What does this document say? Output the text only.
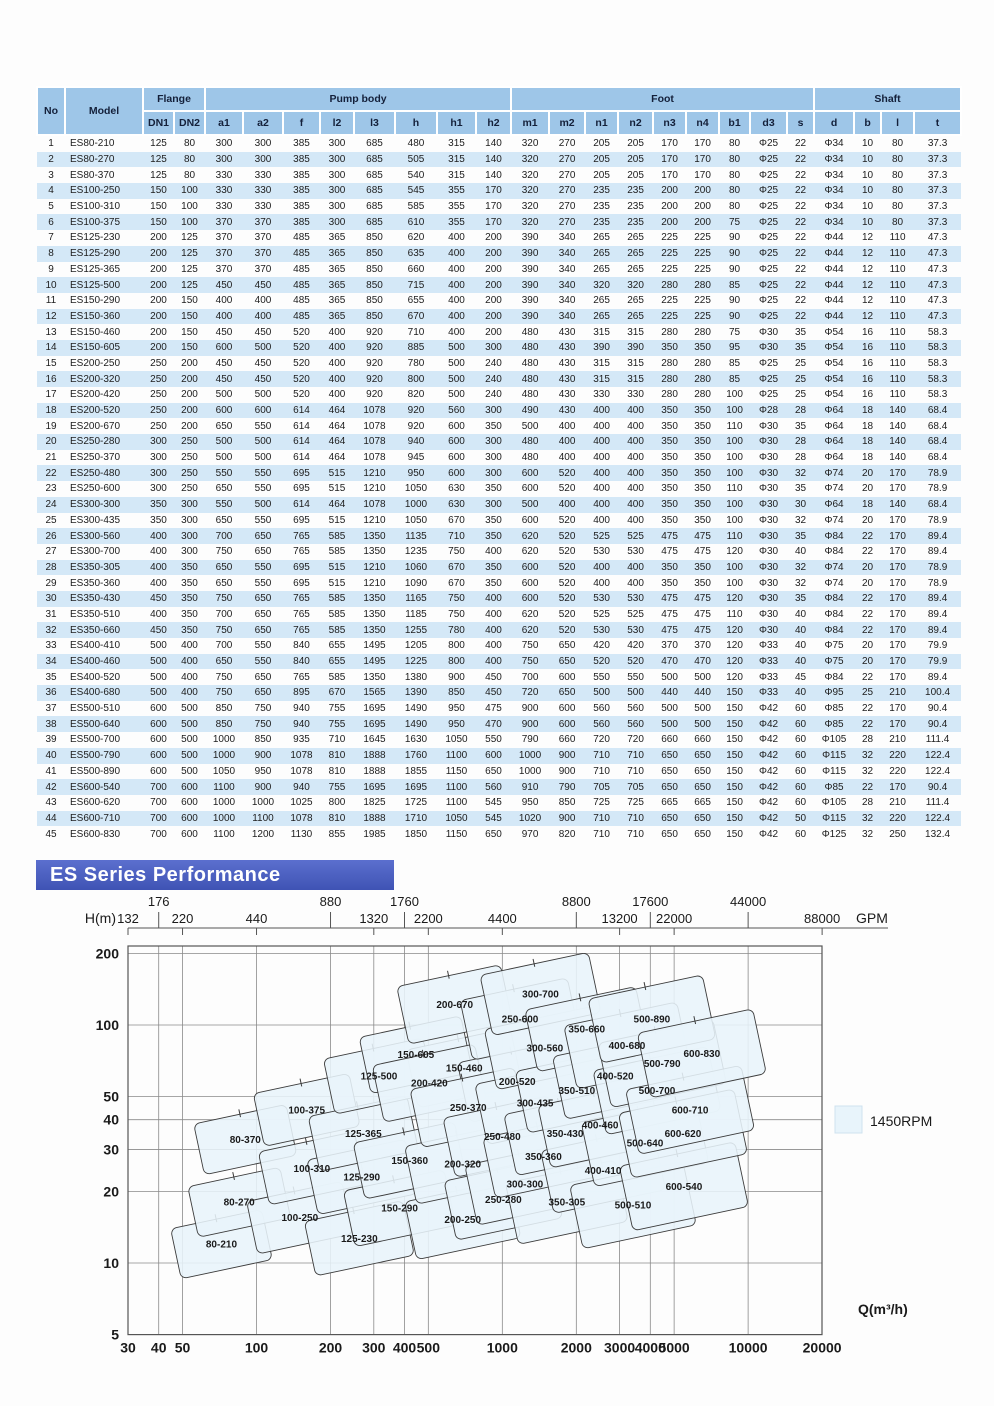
No	Model	Flange		Pump body								Foot									Shaft			
		DN1	DN2	a1	a2	f	l2	l3	h	h1	h2	m1	m2	n1	n2	n3	n4	b1	d3	s	d	b	l	t
1	ES80-210	125	80	300	300	385	300	685	480	315	140	320	270	205	205	170	170	80	Φ25	22	Φ34	10	80	37.3
2	ES80-270	125	80	300	300	385	300	685	505	315	140	320	270	205	205	170	170	80	Φ25	22	Φ34	10	80	37.3
3	ES80-370	125	80	330	330	385	300	685	540	315	140	320	270	205	205	170	170	80	Φ25	22	Φ34	10	80	37.3
4	ES100-250	150	100	330	330	385	300	685	545	355	170	320	270	235	235	200	200	80	Φ25	22	Φ34	10	80	37.3
5	ES100-310	150	100	330	330	385	300	685	585	355	170	320	270	235	235	200	200	80	Φ25	22	Φ34	10	80	37.3
6	ES100-375	150	100	370	370	385	300	685	610	355	170	320	270	235	235	200	200	75	Φ25	22	Φ34	10	80	37.3
7	ES125-230	200	125	370	370	485	365	850	620	400	200	390	340	265	265	225	225	90	Φ25	22	Φ44	12	110	47.3
8	ES125-290	200	125	370	370	485	365	850	635	400	200	390	340	265	265	225	225	90	Φ25	22	Φ44	12	110	47.3
9	ES125-365	200	125	370	370	485	365	850	660	400	200	390	340	265	265	225	225	90	Φ25	22	Φ44	12	110	47.3
10	ES125-500	200	125	450	450	485	365	850	715	400	200	390	340	320	320	280	280	85	Φ25	22	Φ44	12	110	47.3
11	ES150-290	200	150	400	400	485	365	850	655	400	200	390	340	265	265	225	225	90	Φ25	22	Φ44	12	110	47.3
12	ES150-360	200	150	400	400	485	365	850	670	400	200	390	340	265	265	225	225	90	Φ25	22	Φ44	12	110	47.3
13	ES150-460	200	150	450	450	520	400	920	710	400	200	480	430	315	315	280	280	75	Φ30	35	Φ54	16	110	58.3
14	ES150-605	200	150	600	500	520	400	920	885	500	300	480	430	390	390	350	350	95	Φ30	35	Φ54	16	110	58.3
15	ES200-250	250	200	450	450	520	400	920	780	500	240	480	430	315	315	280	280	85	Φ25	25	Φ54	16	110	58.3
16	ES200-320	250	200	450	450	520	400	920	800	500	240	480	430	315	315	280	280	85	Φ25	25	Φ54	16	110	58.3
17	ES200-420	250	200	500	500	520	400	920	820	500	240	480	430	330	330	280	280	100	Φ25	25	Φ54	16	110	58.3
18	ES200-520	250	200	600	600	614	464	1078	920	560	300	490	430	400	400	350	350	100	Φ28	28	Φ64	18	140	68.4
19	ES200-670	250	200	650	550	614	464	1078	920	600	350	500	400	400	400	350	350	110	Φ30	35	Φ64	18	140	68.4
20	ES250-280	300	250	500	500	614	464	1078	940	600	300	480	400	400	400	350	350	100	Φ30	28	Φ64	18	140	68.4
21	ES250-370	300	250	500	500	614	464	1078	945	600	300	480	400	400	400	350	350	100	Φ30	28	Φ64	18	140	68.4
22	ES250-480	300	250	550	550	695	515	1210	950	600	300	600	520	400	400	350	350	100	Φ30	32	Φ74	20	170	78.9
23	ES250-600	300	250	650	550	695	515	1210	1050	630	350	600	520	400	400	350	350	110	Φ30	35	Φ74	20	170	78.9
24	ES300-300	350	300	550	500	614	464	1078	1000	630	300	500	400	400	400	350	350	100	Φ30	30	Φ64	18	140	68.4
25	ES300-435	350	300	650	550	695	515	1210	1050	670	350	600	520	400	400	350	350	100	Φ30	32	Φ74	20	170	78.9
26	ES300-560	400	300	700	650	765	585	1350	1135	710	350	620	520	525	525	475	475	110	Φ30	35	Φ84	22	170	89.4
27	ES300-700	400	300	750	650	765	585	1350	1235	750	400	620	520	530	530	475	475	120	Φ30	40	Φ84	22	170	89.4
28	ES350-305	400	350	650	550	695	515	1210	1060	670	350	600	520	400	400	350	350	100	Φ30	32	Φ74	20	170	78.9
29	ES350-360	400	350	650	550	695	515	1210	1090	670	350	600	520	400	400	350	350	100	Φ30	32	Φ74	20	170	78.9
30	ES350-430	450	350	750	650	765	585	1350	1165	750	400	600	520	530	530	475	475	120	Φ30	35	Φ84	22	170	89.4
31	ES350-510	400	350	700	650	765	585	1350	1185	750	400	620	520	525	525	475	475	110	Φ30	40	Φ84	22	170	89.4
32	ES350-660	450	350	750	650	765	585	1350	1255	780	400	620	520	530	530	475	475	120	Φ30	40	Φ84	22	170	89.4
33	ES400-410	500	400	700	550	840	655	1495	1205	800	400	750	650	420	420	370	370	120	Φ33	40	Φ75	20	170	79.9
34	ES400-460	500	400	650	550	840	655	1495	1225	800	400	750	650	520	520	470	470	120	Φ33	40	Φ75	20	170	79.9
35	ES400-520	500	400	750	650	765	585	1350	1380	900	450	700	600	550	550	500	500	120	Φ33	45	Φ84	22	170	89.4
36	ES400-680	500	400	750	650	895	670	1565	1390	850	450	720	650	500	500	440	440	150	Φ33	40	Φ95	25	210	100.4
37	ES500-510	600	500	850	750	940	755	1695	1490	950	475	900	600	560	560	500	500	150	Φ42	60	Φ85	22	170	90.4
38	ES500-640	600	500	850	750	940	755	1695	1490	950	470	900	600	560	560	500	500	150	Φ42	60	Φ85	22	170	90.4
39	ES500-700	600	500	1000	850	935	710	1645	1630	1050	550	790	660	720	720	660	660	150	Φ42	60	Φ105	28	210	111.4
40	ES500-790	600	500	1000	900	1078	810	1888	1760	1100	600	1000	900	710	710	650	650	150	Φ42	60	Φ115	32	220	122.4
41	ES500-890	600	500	1050	950	1078	810	1888	1855	1150	650	1000	900	710	710	650	650	150	Φ42	60	Φ115	32	220	122.4
42	ES600-540	700	600	1100	900	940	755	1695	1695	1100	560	910	790	705	705	650	650	150	Φ42	60	Φ85	22	170	90.4
43	ES600-620	700	600	1000	1000	1025	800	1825	1725	1100	545	950	850	725	725	665	665	150	Φ42	60	Φ105	28	210	111.4
44	ES600-710	700	600	1000	1100	1078	810	1888	1710	1050	545	1020	900	710	710	650	650	150	Φ42	50	Φ115	32	220	122.4
45	ES600-830	700	600	1100	1200	1130	855	1985	1850	1150	650	970	820	710	710	650	650	150	Φ42	60	Φ125	32	250	132.4
ES Series Performance
5
10
20
30
40
50
100
200
30 40 50	100	200 300 400 500	1000	2000 3000 4000
5000	10000	20000
176	880	1760	8800	17600	44000
132	220	440	1320 2200	4400	13200 22000	88000
H(m)	GPM
Q(m³/h)
80-210
80-270
80-370
100-250
100-310
100-375
125-230
125-290
125-365
125-500
150-290
150-360
150-460
150-605
200-250
200-320
200-420	200-520
200-670
250-280
250-370
250-480
250-600
300-300
300-435
300-560
300-700
350-305
350-360
350-430
350-510
350-660
400-410
400-460
400-520
400-680
500-510
500-640
500-700
500-790
500-890
600-540
600-620
600-710
600-830
1450RPM
